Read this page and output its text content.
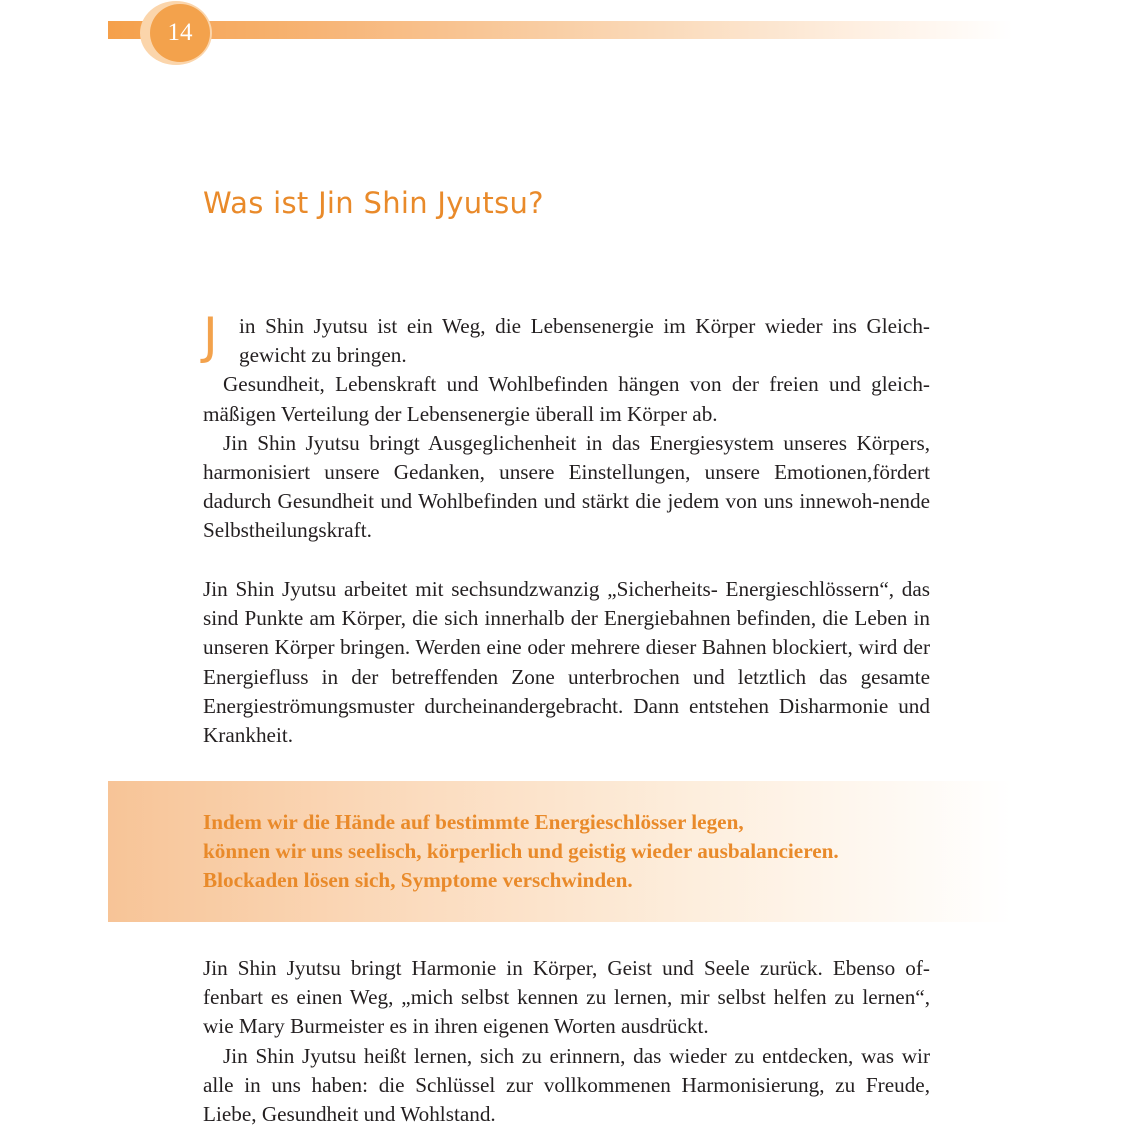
14
Was ist Jin Shin Jyutsu?
J	in Shin Jyutsu ist ein Weg, die Lebensenergie im Körper wieder ins Gleich-gewicht zu bringen.

Gesundheit, Lebenskraft und Wohlbefinden hängen von der freien und gleich-mäßigen Verteilung der Lebensenergie überall im Körper ab.

Jin Shin Jyutsu bringt Ausgeglichenheit in das Energiesystem unseres Körpers, harmonisiert unsere Gedanken, unsere Einstellungen, unsere Emotionen,fördert dadurch Gesundheit und Wohlbefinden und stärkt die jedem von uns innewoh-nende Selbstheilungskraft.

Jin Shin Jyutsu arbeitet mit sechsundzwanzig „Sicherheits- Energieschlössern“, das sind Punkte am Körper, die sich innerhalb der Energiebahnen befinden, die Leben in unseren Körper bringen. Werden eine oder mehrere dieser Bahnen blockiert, wird der Energiefluss in der betreffenden Zone unterbrochen und letztlich das gesamte Energieströmungsmuster durcheinandergebracht. Dann entstehen Disharmonie und Krankheit.

Indem wir die Hände auf bestimmte Energieschlösser legen,
können wir uns seelisch, körperlich und geistig wieder ausbalancieren.
Blockaden lösen sich, Symptome verschwinden.

Jin Shin Jyutsu bringt Harmonie in Körper, Geist und Seele zurück. Ebenso of-fenbart es einen Weg, „mich selbst kennen zu lernen, mir selbst helfen zu lernen“, wie Mary Burmeister es in ihren eigenen Worten ausdrückt.

Jin Shin Jyutsu heißt lernen, sich zu erinnern, das wieder zu entdecken, was wir alle in uns haben: die Schlüssel zur vollkommenen Harmonisierung, zu Freude, Liebe, Gesundheit und Wohlstand.
